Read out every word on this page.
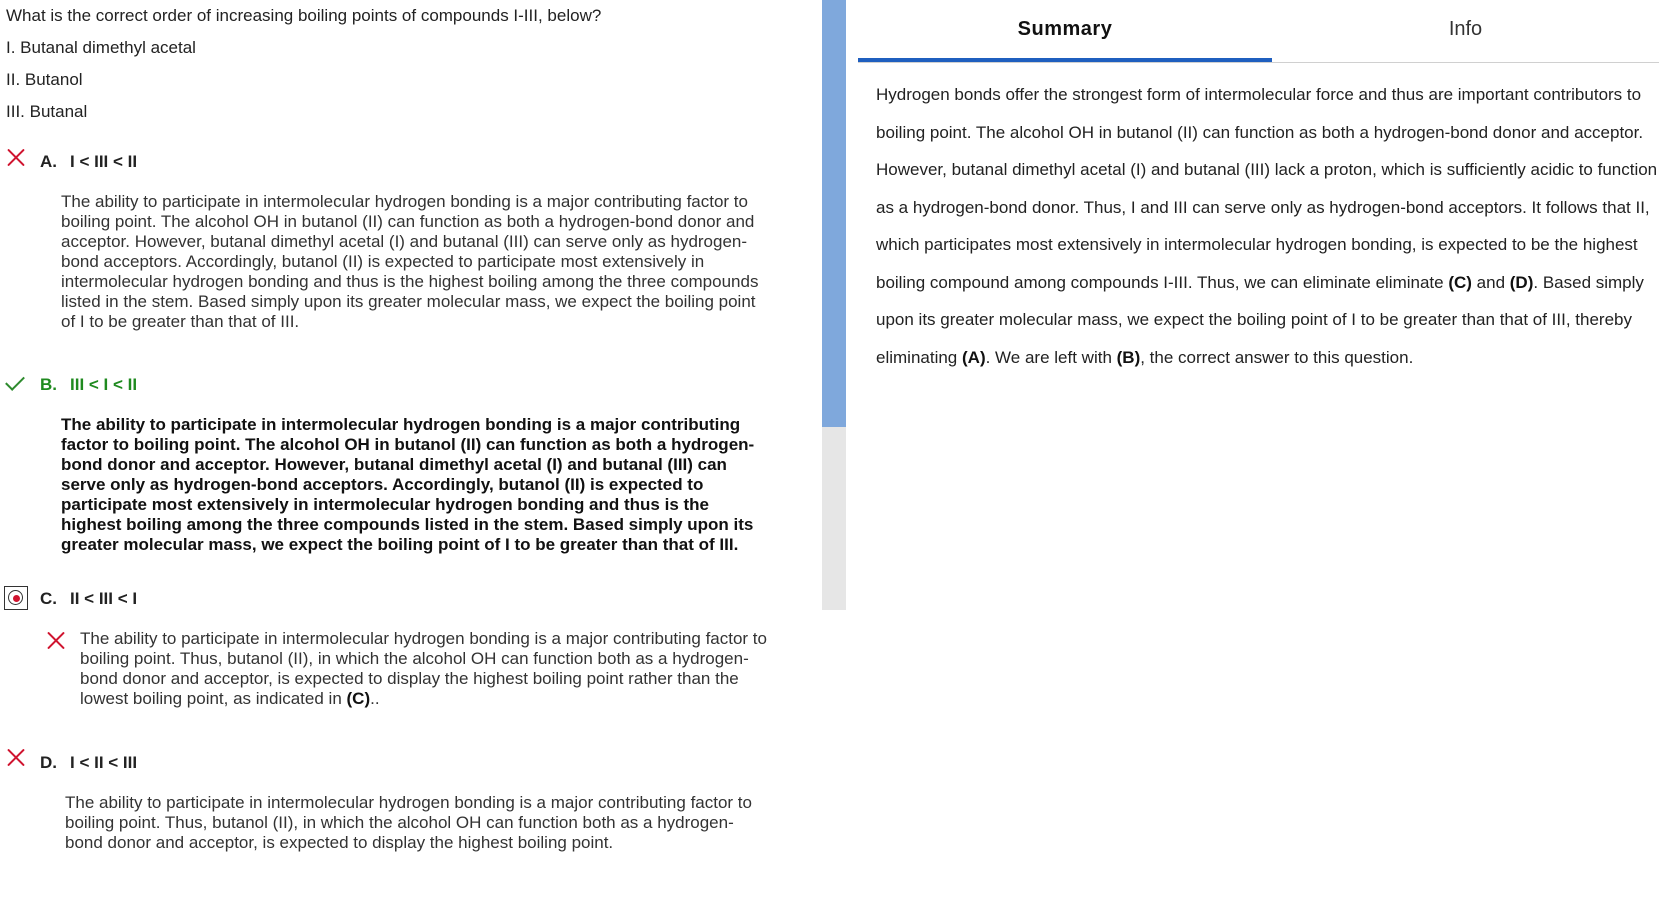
What is the correct order of increasing boiling points of compounds I-III, below?
I. Butanal dimethyl acetal
II. Butanol
III. Butanal
A. I < III < II
The ability to participate in intermolecular hydrogen bonding is a major contributing factor to boiling point. The alcohol OH in butanol (II) can function as both a hydrogen-bond donor and acceptor. However, butanal dimethyl acetal (I) and butanal (III) can serve only as hydrogen-bond acceptors. Accordingly, butanol (II) is expected to participate most extensively in intermolecular hydrogen bonding and thus is the highest boiling among the three compounds listed in the stem. Based simply upon its greater molecular mass, we expect the boiling point of I to be greater than that of III.
B. III < I < II
The ability to participate in intermolecular hydrogen bonding is a major contributing factor to boiling point. The alcohol OH in butanol (II) can function as both a hydrogen-bond donor and acceptor. However, butanal dimethyl acetal (I) and butanal (III) can serve only as hydrogen-bond acceptors. Accordingly, butanol (II) is expected to participate most extensively in intermolecular hydrogen bonding and thus is the highest boiling among the three compounds listed in the stem. Based simply upon its greater molecular mass, we expect the boiling point of I to be greater than that of III.
C. II < III < I
The ability to participate in intermolecular hydrogen bonding is a major contributing factor to boiling point. Thus, butanol (II), in which the alcohol OH can function both as a hydrogen-bond donor and acceptor, is expected to display the highest boiling point rather than the lowest boiling point, as indicated in (C)..
D. I < II < III
The ability to participate in intermolecular hydrogen bonding is a major contributing factor to boiling point. Thus, butanol (II), in which the alcohol OH can function both as a hydrogen-bond donor and acceptor, is expected to display the highest boiling point.
Summary	Info
Hydrogen bonds offer the strongest form of intermolecular force and thus are important contributors to boiling point. The alcohol OH in butanol (II) can function as both a hydrogen-bond donor and acceptor. However, butanal dimethyl acetal (I) and butanal (III) lack a proton, which is sufficiently acidic to function as a hydrogen-bond donor. Thus, I and III can serve only as hydrogen-bond acceptors. It follows that II, which participates most extensively in intermolecular hydrogen bonding, is expected to be the highest boiling compound among compounds I-III. Thus, we can eliminate eliminate (C) and (D). Based simply upon its greater molecular mass, we expect the boiling point of I to be greater than that of III, thereby eliminating (A). We are left with (B), the correct answer to this question.
